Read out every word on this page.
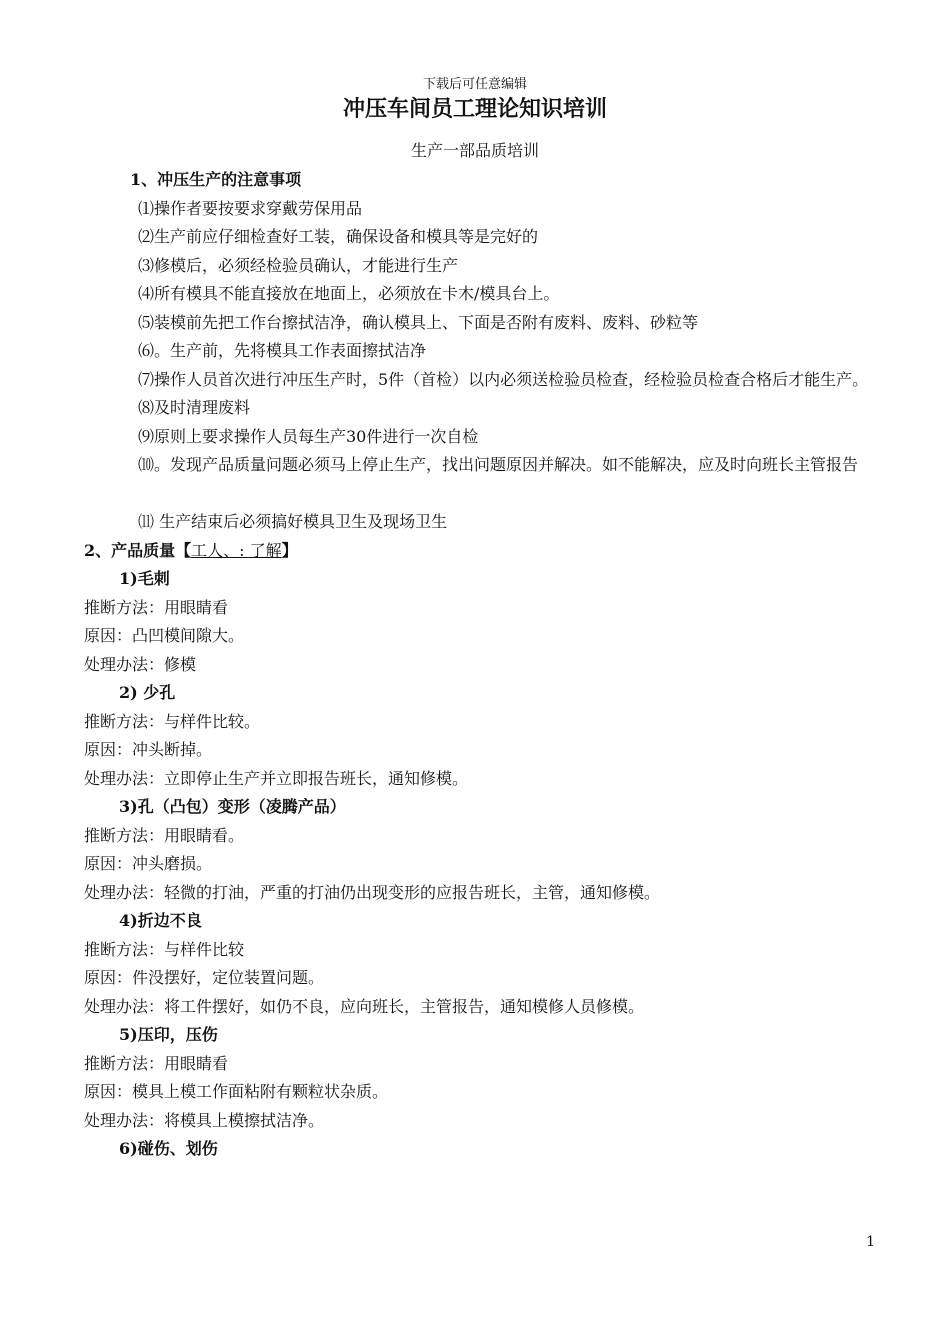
下载后可任意编辑
冲压车间员工理论知识培训
生产一部品质培训

1、冲压生产的注意事项

⑴操作者要按要求穿戴劳保用品

⑵生产前应仔细检查好工装，确保设备和模具等是完好的

⑶修模后，必须经检验员确认，才能进行生产

⑷所有模具不能直接放在地面上，必须放在卡木/模具台上。

⑸装模前先把工作台擦拭洁净，确认模具上、下面是否附有废料、废料、砂粒等

⑹。生产前，先将模具工作表面擦拭洁净

⑺操作人员首次进行冲压生产时，5件（首检）以内必须送检验员检查，经检验员检查合格后才能生产。

⑻及时清理废料

⑼原则上要求操作人员每生产30件进行一次自检

⑽。发现产品质量问题必须马上停止生产，找出问题原因并解决。如不能解决，应及时向班长主管报告

⑾ 生产结束后必须搞好模具卫生及现场卫生

2、产品质量【工人、: 了解】

1)毛刺

推断方法：用眼睛看

原因：凸凹模间隙大。

处理办法：修模

2) 少孔

推断方法：与样件比较。

原因：冲头断掉。

处理办法：立即停止生产并立即报告班长，通知修模。

3)孔（凸包）变形（凌腾产品）

推断方法：用眼睛看。

原因：冲头磨损。

处理办法：轻微的打油，严重的打油仍出现变形的应报告班长，主管，通知修模。

4)折边不良

推断方法：与样件比较

原因：件没摆好，定位装置问题。

处理办法：将工件摆好，如仍不良，应向班长，主管报告，通知模修人员修模。

5)压印，压伤

推断方法：用眼睛看

原因：模具上模工作面粘附有颗粒状杂质。

处理办法：将模具上模擦拭洁净。

6)碰伤、划伤

1
